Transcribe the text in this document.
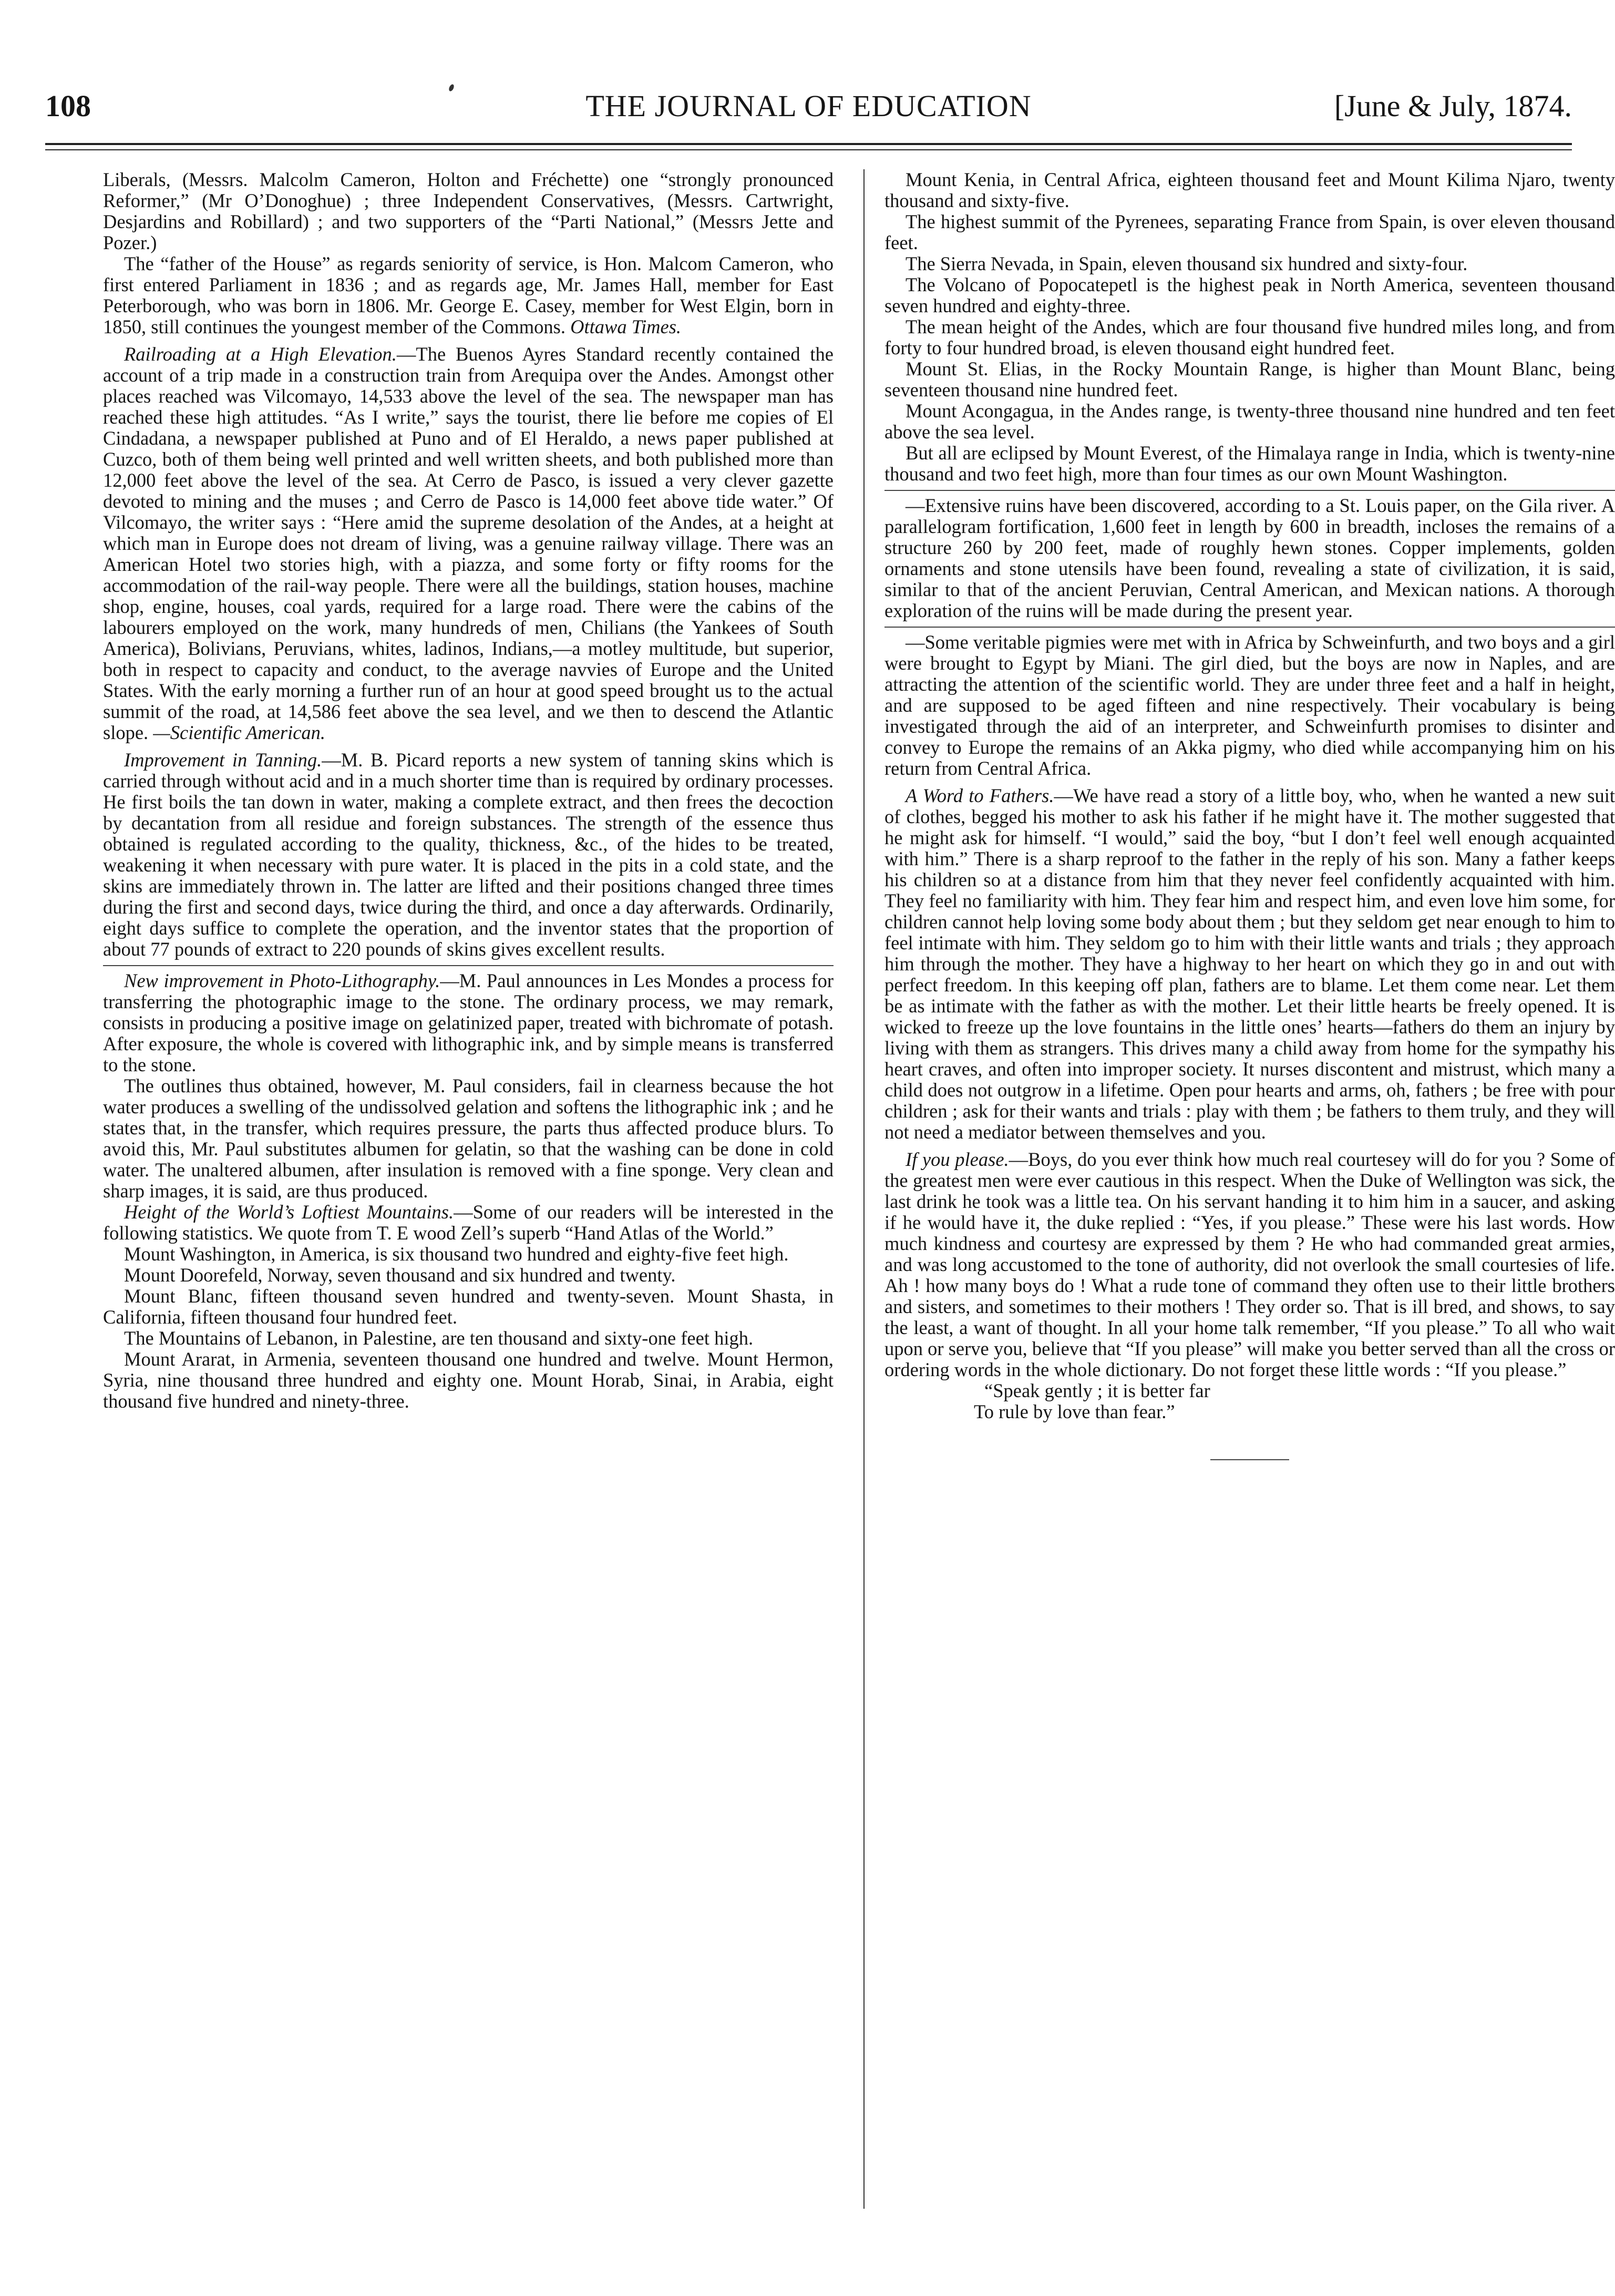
108	THE JOURNAL OF EDUCATION	[June & July, 1874.

Liberals, (Messrs. Malcolm Cameron, Holton and Fréchette) one “strongly pronounced Reformer,” (Mr O’Donoghue) ; three Independent Conservatives, (Messrs. Cartwright, Desjardins and Robillard) ; and two supporters of the “Parti National,” (Messrs Jette and Pozer.)

The “father of the House” as regards seniority of service, is Hon. Malcom Cameron, who first entered Parliament in 1836 ; and as regards age, Mr. James Hall, member for East Peterborough, who was born in 1806. Mr. George E. Casey, member for West Elgin, born in 1850, still continues the youngest member of the Commons. Ottawa Times.

Railroading at a High Elevation.—The Buenos Ayres Standard recently contained the account of a trip made in a construction train from Arequipa over the Andes. Amongst other places reached was Vilcomayo, 14,533 above the level of the sea. The newspaper man has reached these high attitudes. “As I write,” says the tourist, there lie before me copies of El Cindadana, a newspaper published at Puno and of El Heraldo, a news paper published at Cuzco, both of them being well printed and well written sheets, and both published more than 12,000 feet above the level of the sea. At Cerro de Pasco, is issued a very clever gazette devoted to mining and the muses ; and Cerro de Pasco is 14,000 feet above tide water.” Of Vilcomayo, the writer says : “Here amid the supreme desolation of the Andes, at a height at which man in Europe does not dream of living, was a genuine railway village. There was an American Hotel two stories high, with a piazza, and some forty or fifty rooms for the accommodation of the rail-way people. There were all the buildings, station houses, machine shop, engine, houses, coal yards, required for a large road. There were the cabins of the labourers employed on the work, many hundreds of men, Chilians (the Yankees of South America), Bolivians, Peruvians, whites, ladinos, Indians,—a motley multitude, but superior, both in respect to capacity and conduct, to the average navvies of Europe and the United States. With the early morning a further run of an hour at good speed brought us to the actual summit of the road, at 14,586 feet above the sea level, and we then to descend the Atlantic slope. —Scientific American.

Improvement in Tanning.—M. B. Picard reports a new system of tanning skins which is carried through without acid and in a much shorter time than is required by ordinary processes. He first boils the tan down in water, making a complete extract, and then frees the decoction by decantation from all residue and foreign substances. The strength of the essence thus obtained is regulated according to the quality, thickness, &c., of the hides to be treated, weakening it when necessary with pure water. It is placed in the pits in a cold state, and the skins are immediately thrown in. The latter are lifted and their positions changed three times during the first and second days, twice during the third, and once a day afterwards. Ordinarily, eight days suffice to complete the operation, and the inventor states that the proportion of about 77 pounds of extract to 220 pounds of skins gives excellent results.

New improvement in Photo-Lithography.—M. Paul announces in Les Mondes a process for transferring the photographic image to the stone. The ordinary process, we may remark, consists in producing a positive image on gelatinized paper, treated with bichromate of potash. After exposure, the whole is covered with lithographic ink, and by simple means is transferred to the stone.

The outlines thus obtained, however, M. Paul considers, fail in clearness because the hot water produces a swelling of the undissolved gelation and softens the lithographic ink ; and he states that, in the transfer, which requires pressure, the parts thus affected produce blurs. To avoid this, Mr. Paul substitutes albumen for gelatin, so that the washing can be done in cold water. The unaltered albumen, after insulation is removed with a fine sponge. Very clean and sharp images, it is said, are thus produced.

Height of the World’s Loftiest Mountains.—Some of our readers will be interested in the following statistics. We quote from T. E wood Zell’s superb “Hand Atlas of the World.”

Mount Washington, in America, is six thousand two hundred and eighty-five feet high.

Mount Doorefeld, Norway, seven thousand and six hundred and twenty.

Mount Blanc, fifteen thousand seven hundred and twenty-seven. Mount Shasta, in California, fifteen thousand four hundred feet.

The Mountains of Lebanon, in Palestine, are ten thousand and sixty-one feet high.

Mount Ararat, in Armenia, seventeen thousand one hundred and twelve. Mount Hermon, Syria, nine thousand three hundred and eighty one. Mount Horab, Sinai, in Arabia, eight thousand five hundred and ninety-three.

Mount Kenia, in Central Africa, eighteen thousand feet and Mount Kilima Njaro, twenty thousand and sixty-five.

The highest summit of the Pyrenees, separating France from Spain, is over eleven thousand feet.

The Sierra Nevada, in Spain, eleven thousand six hundred and sixty-four.

The Volcano of Popocatepetl is the highest peak in North America, seventeen thousand seven hundred and eighty-three.

The mean height of the Andes, which are four thousand five hundred miles long, and from forty to four hundred broad, is eleven thousand eight hundred feet.

Mount St. Elias, in the Rocky Mountain Range, is higher than Mount Blanc, being seventeen thousand nine hundred feet.

Mount Acongagua, in the Andes range, is twenty-three thousand nine hundred and ten feet above the sea level.

But all are eclipsed by Mount Everest, of the Himalaya range in India, which is twenty-nine thousand and two feet high, more than four times as our own Mount Washington.

—Extensive ruins have been discovered, according to a St. Louis paper, on the Gila river. A parallelogram fortification, 1,600 feet in length by 600 in breadth, incloses the remains of a structure 260 by 200 feet, made of roughly hewn stones. Copper implements, golden ornaments and stone utensils have been found, revealing a state of civilization, it is said, similar to that of the ancient Peruvian, Central American, and Mexican nations. A thorough exploration of the ruins will be made during the present year.

—Some veritable pigmies were met with in Africa by Schweinfurth, and two boys and a girl were brought to Egypt by Miani. The girl died, but the boys are now in Naples, and are attracting the attention of the scientific world. They are under three feet and a half in height, and are supposed to be aged fifteen and nine respectively. Their vocabulary is being investigated through the aid of an interpreter, and Schweinfurth promises to disinter and convey to Europe the remains of an Akka pigmy, who died while accompanying him on his return from Central Africa.

A Word to Fathers.—We have read a story of a little boy, who, when he wanted a new suit of clothes, begged his mother to ask his father if he might have it. The mother suggested that he might ask for himself. “I would,” said the boy, “but I don’t feel well enough acquainted with him.” There is a sharp reproof to the father in the reply of his son. Many a father keeps his children so at a distance from him that they never feel confidently acquainted with him. They feel no familiarity with him. They fear him and respect him, and even love him some, for children cannot help loving some body about them ; but they seldom get near enough to him to feel intimate with him. They seldom go to him with their little wants and trials ; they approach him through the mother. They have a highway to her heart on which they go in and out with perfect freedom. In this keeping off plan, fathers are to blame. Let them come near. Let them be as intimate with the father as with the mother. Let their little hearts be freely opened. It is wicked to freeze up the love fountains in the little ones’ hearts—fathers do them an injury by living with them as strangers. This drives many a child away from home for the sympathy his heart craves, and often into improper society. It nurses discontent and mistrust, which many a child does not outgrow in a lifetime. Open pour hearts and arms, oh, fathers ; be free with pour children ; ask for their wants and trials : play with them ; be fathers to them truly, and they will not need a mediator between themselves and you.

If you please.—Boys, do you ever think how much real courtesey will do for you ? Some of the greatest men were ever cautious in this respect. When the Duke of Wellington was sick, the last drink he took was a little tea. On his servant handing it to him him in a saucer, and asking if he would have it, the duke replied : “Yes, if you please.” These were his last words. How much kindness and courtesy are expressed by them ? He who had commanded great armies, and was long accustomed to the tone of authority, did not overlook the small courtesies of life. Ah ! how many boys do ! What a rude tone of command they often use to their little brothers and sisters, and sometimes to their mothers ! They order so. That is ill bred, and shows, to say the least, a want of thought. In all your home talk remember, “If you please.” To all who wait upon or serve you, believe that “If you please” will make you better served than all the cross or ordering words in the whole dictionary. Do not forget these little words : “If you please.”

“Speak gently ; it is better far
To rule by love than fear.”
